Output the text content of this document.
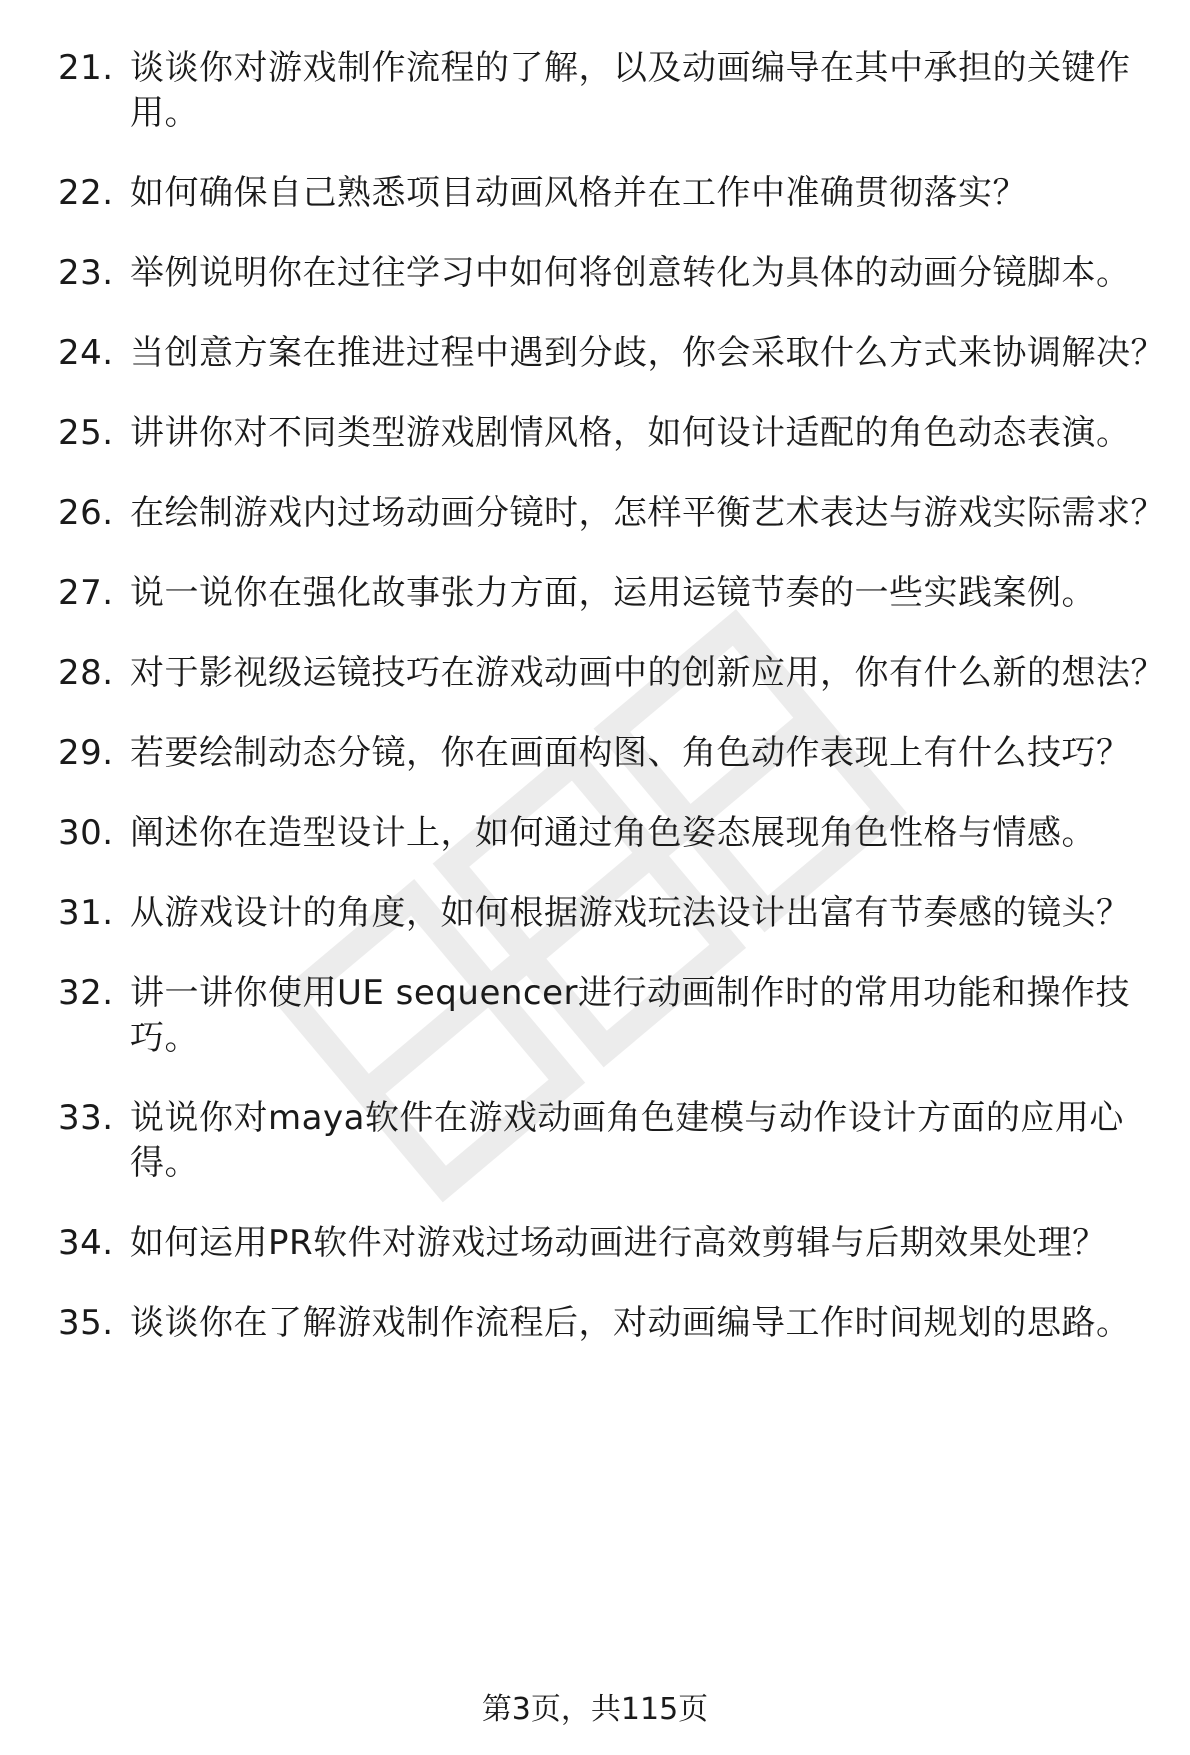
21. 谈谈你对游戏制作流程的了解，以及动画编导在其中承担的关键作用。
22. 如何确保自己熟悉项目动画风格并在工作中准确贯彻落实？
23. 举例说明你在过往学习中如何将创意转化为具体的动画分镜脚本。
24. 当创意方案在推进过程中遇到分歧，你会采取什么方式来协调解决？
25. 讲讲你对不同类型游戏剧情风格，如何设计适配的角色动态表演。
26. 在绘制游戏内过场动画分镜时，怎样平衡艺术表达与游戏实际需求？
27. 说一说你在强化故事张力方面，运用运镜节奏的一些实践案例。
28. 对于影视级运镜技巧在游戏动画中的创新应用，你有什么新的想法？
29. 若要绘制动态分镜，你在画面构图、角色动作表现上有什么技巧？
30. 阐述你在造型设计上，如何通过角色姿态展现角色性格与情感。
31. 从游戏设计的角度，如何根据游戏玩法设计出富有节奏感的镜头？
32. 讲一讲你使用UE sequencer进行动画制作时的常用功能和操作技巧。
33. 说说你对maya软件在游戏动画角色建模与动作设计方面的应用心得。
34. 如何运用PR软件对游戏过场动画进行高效剪辑与后期效果处理？
35. 谈谈你在了解游戏制作流程后，对动画编导工作时间规划的思路。
第3页，共115页
